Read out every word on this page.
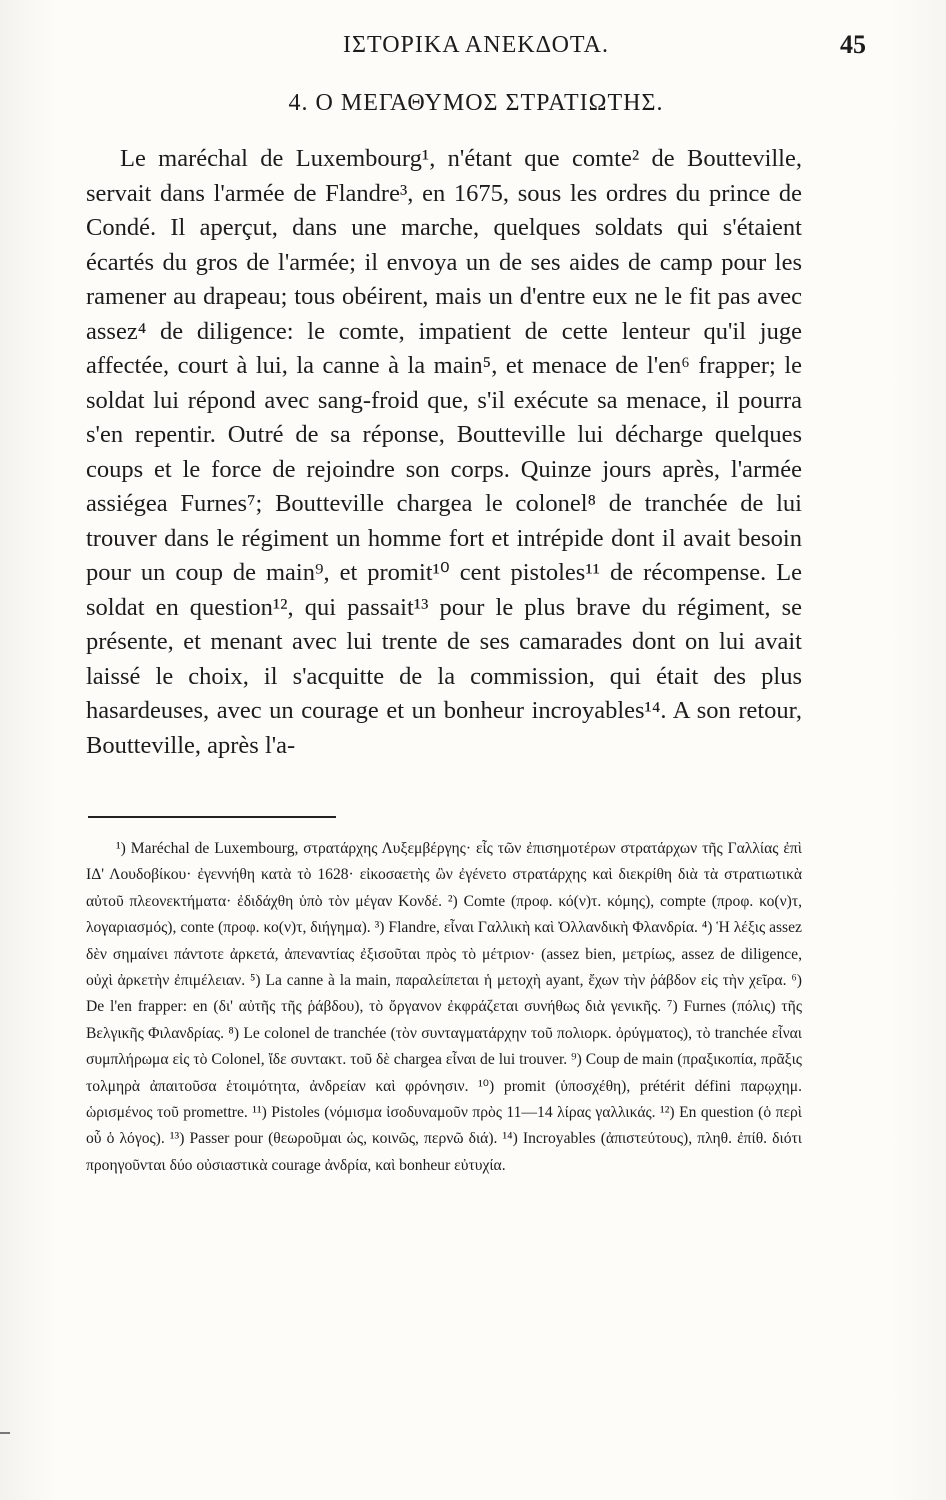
ΙΣΤΟΡΙΚΑ ΑΝΕΚΔΟΤΑ.	45
4. Ο ΜΕΓΑΘΥΜΟΣ ΣΤΡΑΤΙΩΤΗΣ.

Le maréchal de Luxembourg¹, n'étant que comte² de Boutteville, servait dans l'armée de Flandre³, en 1675, sous les ordres du prince de Condé. Il aperçut, dans une marche, quelques soldats qui s'étaient écartés du gros de l'armée; il envoya un de ses aides de camp pour les ramener au drapeau; tous obéirent, mais un d'entre eux ne le fit pas avec assez⁴ de diligence: le comte, impatient de cette lenteur qu'il juge affectée, court à lui, la canne à la main⁵, et menace de l'en⁶ frapper; le soldat lui répond avec sang-froid que, s'il exécute sa menace, il pourra s'en repentir. Outré de sa réponse, Boutteville lui décharge quelques coups et le force de rejoindre son corps. Quinze jours après, l'armée assiégea Furnes⁷; Boutteville chargea le colonel⁸ de tranchée de lui trouver dans le régiment un homme fort et intrépide dont il avait besoin pour un coup de main⁹, et promit¹⁰ cent pistoles¹¹ de récompense. Le soldat en question¹², qui passait¹³ pour le plus brave du régiment, se présente, et menant avec lui trente de ses camarades dont on lui avait laissé le choix, il s'acquitte de la commission, qui était des plus hasardeuses, avec un courage et un bonheur incroyables¹⁴. A son retour, Boutteville, après l'a-

¹) Maréchal de Luxembourg, στρατάρχης Λυξεμβέργης· εἷς τῶν ἐπισημοτέρων στρατάρχων τῆς Γαλλίας ἐπὶ ΙΔ' Λουδοβίκου· ἐγεννήθη κατὰ τὸ 1628· εἰκοσαετὴς ὢν ἐγένετο στρατάρχης καὶ διεκρίθη διὰ τὰ στρατιωτικὰ αὐτοῦ πλεονεκτήματα· ἐδιδάχθη ὑπὸ τὸν μέγαν Κονδέ. ²) Comte (προφ. κό(ν)τ. κόμης), compte (προφ. κο(ν)τ, λογαριασμός), conte (προφ. κο(ν)τ, διήγημα). ³) Flandre, εἶναι Γαλλικὴ καὶ Ὀλλανδικὴ Φλανδρία. ⁴) Ἡ λέξις assez δὲν σημαίνει πάντοτε ἀρκετά, ἀπεναντίας ἐξισοῦται πρὸς τὸ μέτριον· (assez bien, μετρίως, assez de diligence, οὐχὶ ἀρκετὴν ἐπιμέλειαν. ⁵) La canne à la main, παραλείπεται ἡ μετοχὴ ayant, ἔχων τὴν ῥάβδον εἰς τὴν χεῖρα. ⁶) De l'en frapper: en (δι' αὐτῆς τῆς ῥάβδου), τὸ ὄργανον ἐκφράζεται συνήθως διὰ γενικῆς. ⁷) Furnes (πόλις) τῆς Βελγικῆς Φιλανδρίας. ⁸) Le colonel de tranchée (τὸν συνταγματάρχην τοῦ πολιορκ. ὀρύγματος), τὸ tranchée εἶναι συμπλήρωμα εἰς τὸ Colonel, ἴδε συντακτ. τοῦ δὲ chargea εἶναι de lui trouver. ⁹) Coup de main (πραξικοπία, πρᾶξις τολμηρὰ ἀπαιτοῦσα ἑτοιμότητα, ἀνδρείαν καὶ φρόνησιν. ¹⁰) promit (ὑποσχέθη), prétérit défini παρῳχημ. ὡρισμένος τοῦ promettre. ¹¹) Pistoles (νόμισμα ἰσοδυναμοῦν πρὸς 11—14 λίρας γαλλικάς. ¹²) En question (ὁ περὶ οὗ ὁ λόγος). ¹³) Passer pour (θεωροῦμαι ὡς, κοινῶς, περνῶ διά). ¹⁴) Incroyables (ἀπιστεύτους), πληθ. ἐπίθ. διότι προηγοῦνται δύο οὐσιαστικὰ courage ἀνδρία, καὶ bonheur εὐτυχία.
